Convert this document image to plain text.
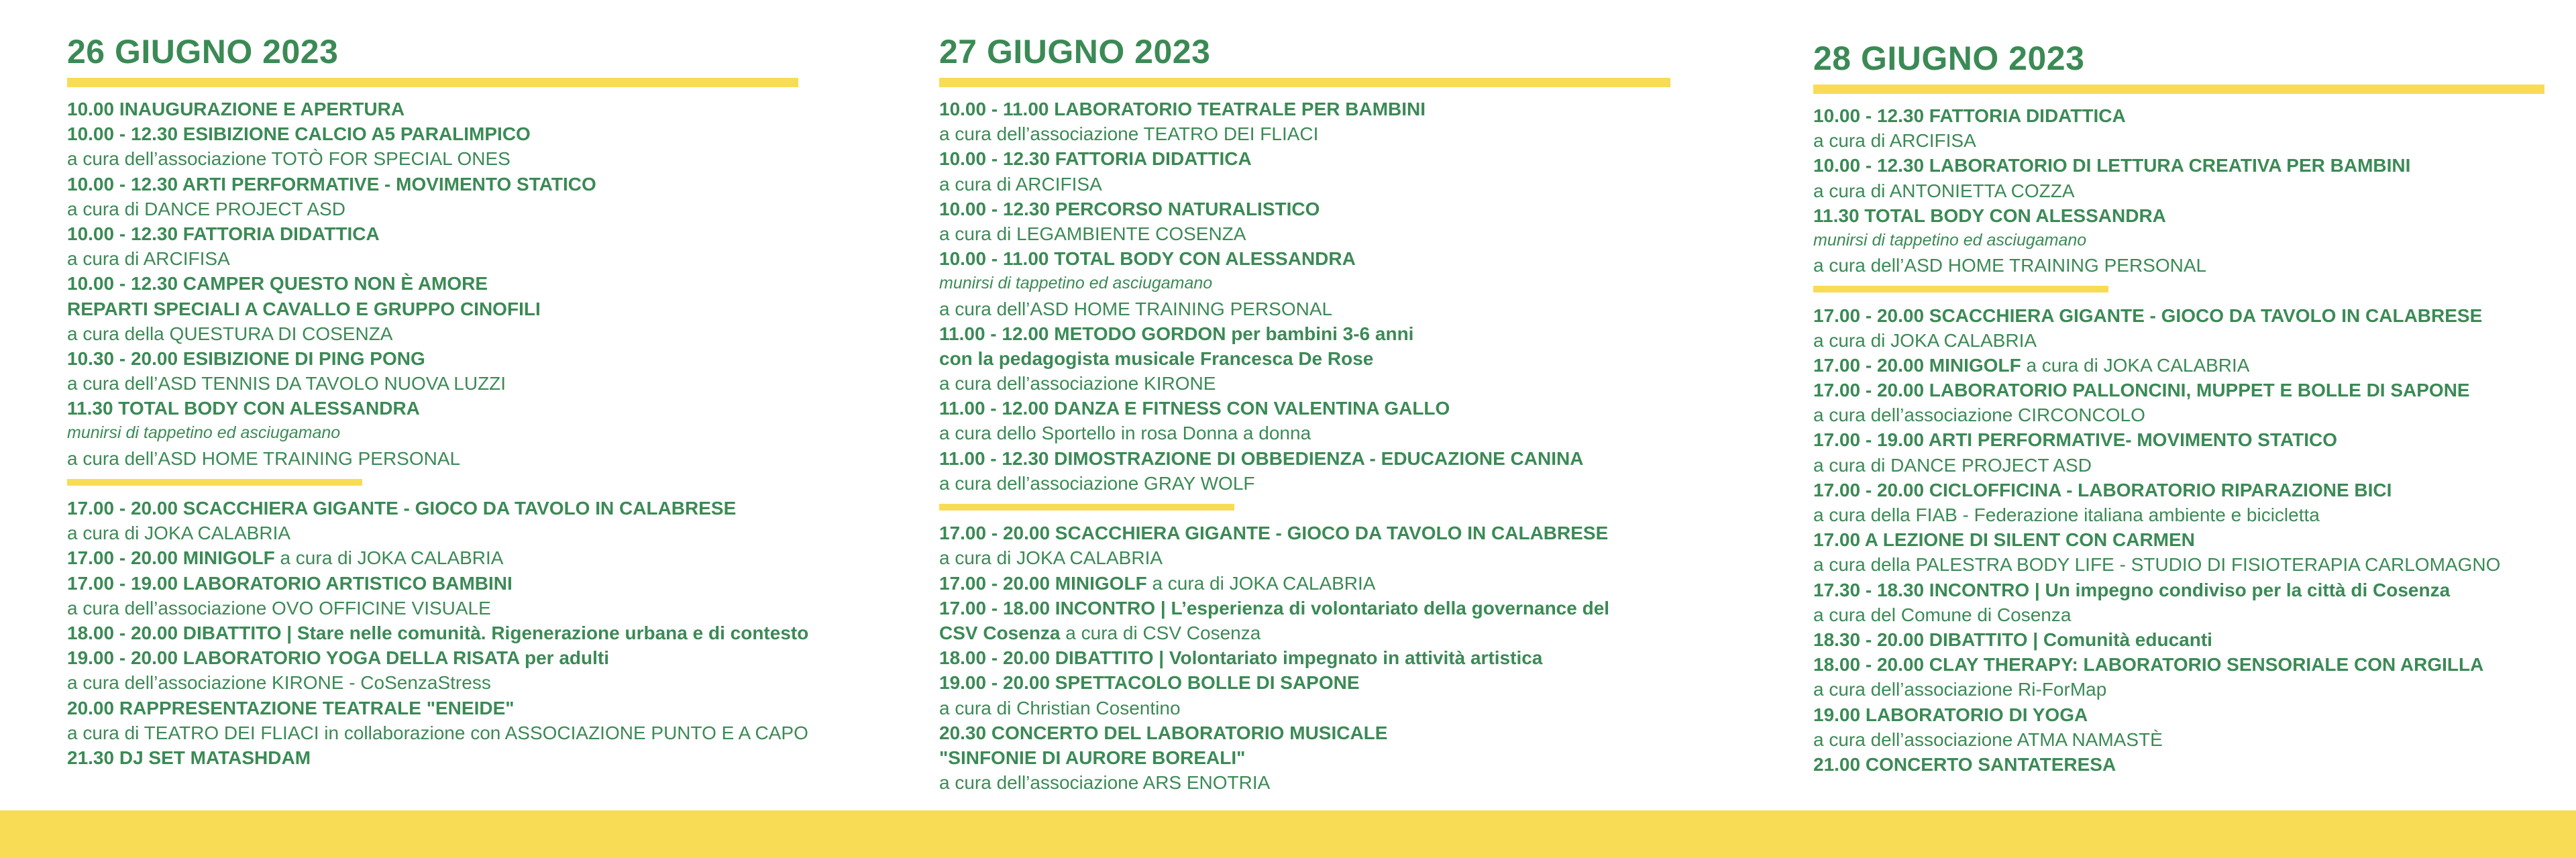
26 GIUGNO 2023
10.00 INAUGURAZIONE E APERTURA
10.00 - 12.30 ESIBIZIONE CALCIO A5 PARALIMPICO
a cura dell’associazione TOTÒ FOR SPECIAL ONES
10.00 - 12.30 ARTI PERFORMATIVE - MOVIMENTO STATICO
a cura di DANCE PROJECT ASD
10.00 - 12.30 FATTORIA DIDATTICA
a cura di ARCIFISA
10.00 - 12.30 CAMPER QUESTO NON È AMORE
REPARTI SPECIALI A CAVALLO E GRUPPO CINOFILI
a cura della QUESTURA DI COSENZA
10.30 - 20.00 ESIBIZIONE DI PING PONG
a cura dell’ASD TENNIS DA TAVOLO NUOVA LUZZI
11.30 TOTAL BODY CON ALESSANDRA
munirsi di tappetino ed asciugamano
a cura dell’ASD HOME TRAINING PERSONAL
17.00 - 20.00 SCACCHIERA GIGANTE - GIOCO DA TAVOLO IN CALABRESE
a cura di JOKA CALABRIA
17.00 - 20.00 MINIGOLF a cura di JOKA CALABRIA
17.00 - 19.00 LABORATORIO ARTISTICO BAMBINI
a cura dell’associazione OVO OFFICINE VISUALE
18.00 - 20.00 DIBATTITO | Stare nelle comunità. Rigenerazione urbana e di contesto
19.00 - 20.00 LABORATORIO YOGA DELLA RISATA per adulti
a cura dell’associazione KIRONE - CoSenzaStress
20.00 RAPPRESENTAZIONE TEATRALE "ENEIDE"
a cura di TEATRO DEI FLIACI in collaborazione con ASSOCIAZIONE PUNTO E A CAPO
21.30 DJ SET MATASHDAM
27 GIUGNO 2023
10.00 - 11.00 LABORATORIO TEATRALE PER BAMBINI
a cura dell’associazione TEATRO DEI FLIACI
10.00 - 12.30 FATTORIA DIDATTICA
a cura di ARCIFISA
10.00 - 12.30 PERCORSO NATURALISTICO
a cura di LEGAMBIENTE COSENZA
10.00 - 11.00 TOTAL BODY CON ALESSANDRA
munirsi di tappetino ed asciugamano
a cura dell’ASD HOME TRAINING PERSONAL
11.00 - 12.00 METODO GORDON per bambini 3-6 anni
con la pedagogista musicale Francesca De Rose
a cura dell’associazione KIRONE
11.00 - 12.00 DANZA E FITNESS CON VALENTINA GALLO
a cura dello Sportello in rosa Donna a donna
11.00 - 12.30 DIMOSTRAZIONE DI OBBEDIENZA - EDUCAZIONE CANINA
a cura dell’associazione GRAY WOLF
17.00 - 20.00 SCACCHIERA GIGANTE - GIOCO DA TAVOLO IN CALABRESE
a cura di JOKA CALABRIA
17.00 - 20.00 MINIGOLF a cura di JOKA CALABRIA
17.00 - 18.00 INCONTRO | L’esperienza di volontariato della governance del
CSV Cosenza a cura di CSV Cosenza
18.00 - 20.00 DIBATTITO | Volontariato impegnato in attività artistica
19.00 - 20.00 SPETTACOLO BOLLE DI SAPONE
a cura di Christian Cosentino
20.30 CONCERTO DEL LABORATORIO MUSICALE
"SINFONIE DI AURORE BOREALI"
a cura dell’associazione ARS ENOTRIA
28 GIUGNO 2023
10.00 - 12.30 FATTORIA DIDATTICA
a cura di ARCIFISA
10.00 - 12.30 LABORATORIO DI LETTURA CREATIVA PER BAMBINI
a cura di ANTONIETTA COZZA
11.30 TOTAL BODY CON ALESSANDRA
munirsi di tappetino ed asciugamano
a cura dell’ASD HOME TRAINING PERSONAL
17.00 - 20.00 SCACCHIERA GIGANTE - GIOCO DA TAVOLO IN CALABRESE
a cura di JOKA CALABRIA
17.00 - 20.00 MINIGOLF a cura di JOKA CALABRIA
17.00 - 20.00 LABORATORIO PALLONCINI, MUPPET E BOLLE DI SAPONE
a cura dell’associazione CIRCONCOLO
17.00 - 19.00 ARTI PERFORMATIVE- MOVIMENTO STATICO
a cura di DANCE PROJECT ASD
17.00 - 20.00 CICLOFFICINA - LABORATORIO RIPARAZIONE BICI
a cura della FIAB - Federazione italiana ambiente e bicicletta
17.00 A LEZIONE DI SILENT CON CARMEN
a cura della PALESTRA BODY LIFE - STUDIO DI FISIOTERAPIA CARLOMAGNO
17.30 - 18.30 INCONTRO | Un impegno condiviso per la città di Cosenza
a cura del Comune di Cosenza
18.30 - 20.00 DIBATTITO | Comunità educanti
18.00 - 20.00 CLAY THERAPY: LABORATORIO SENSORIALE CON ARGILLA
a cura dell’associazione Ri-ForMap
19.00 LABORATORIO DI YOGA
a cura dell’associazione ATMA NAMASTÈ
21.00 CONCERTO SANTATERESA
